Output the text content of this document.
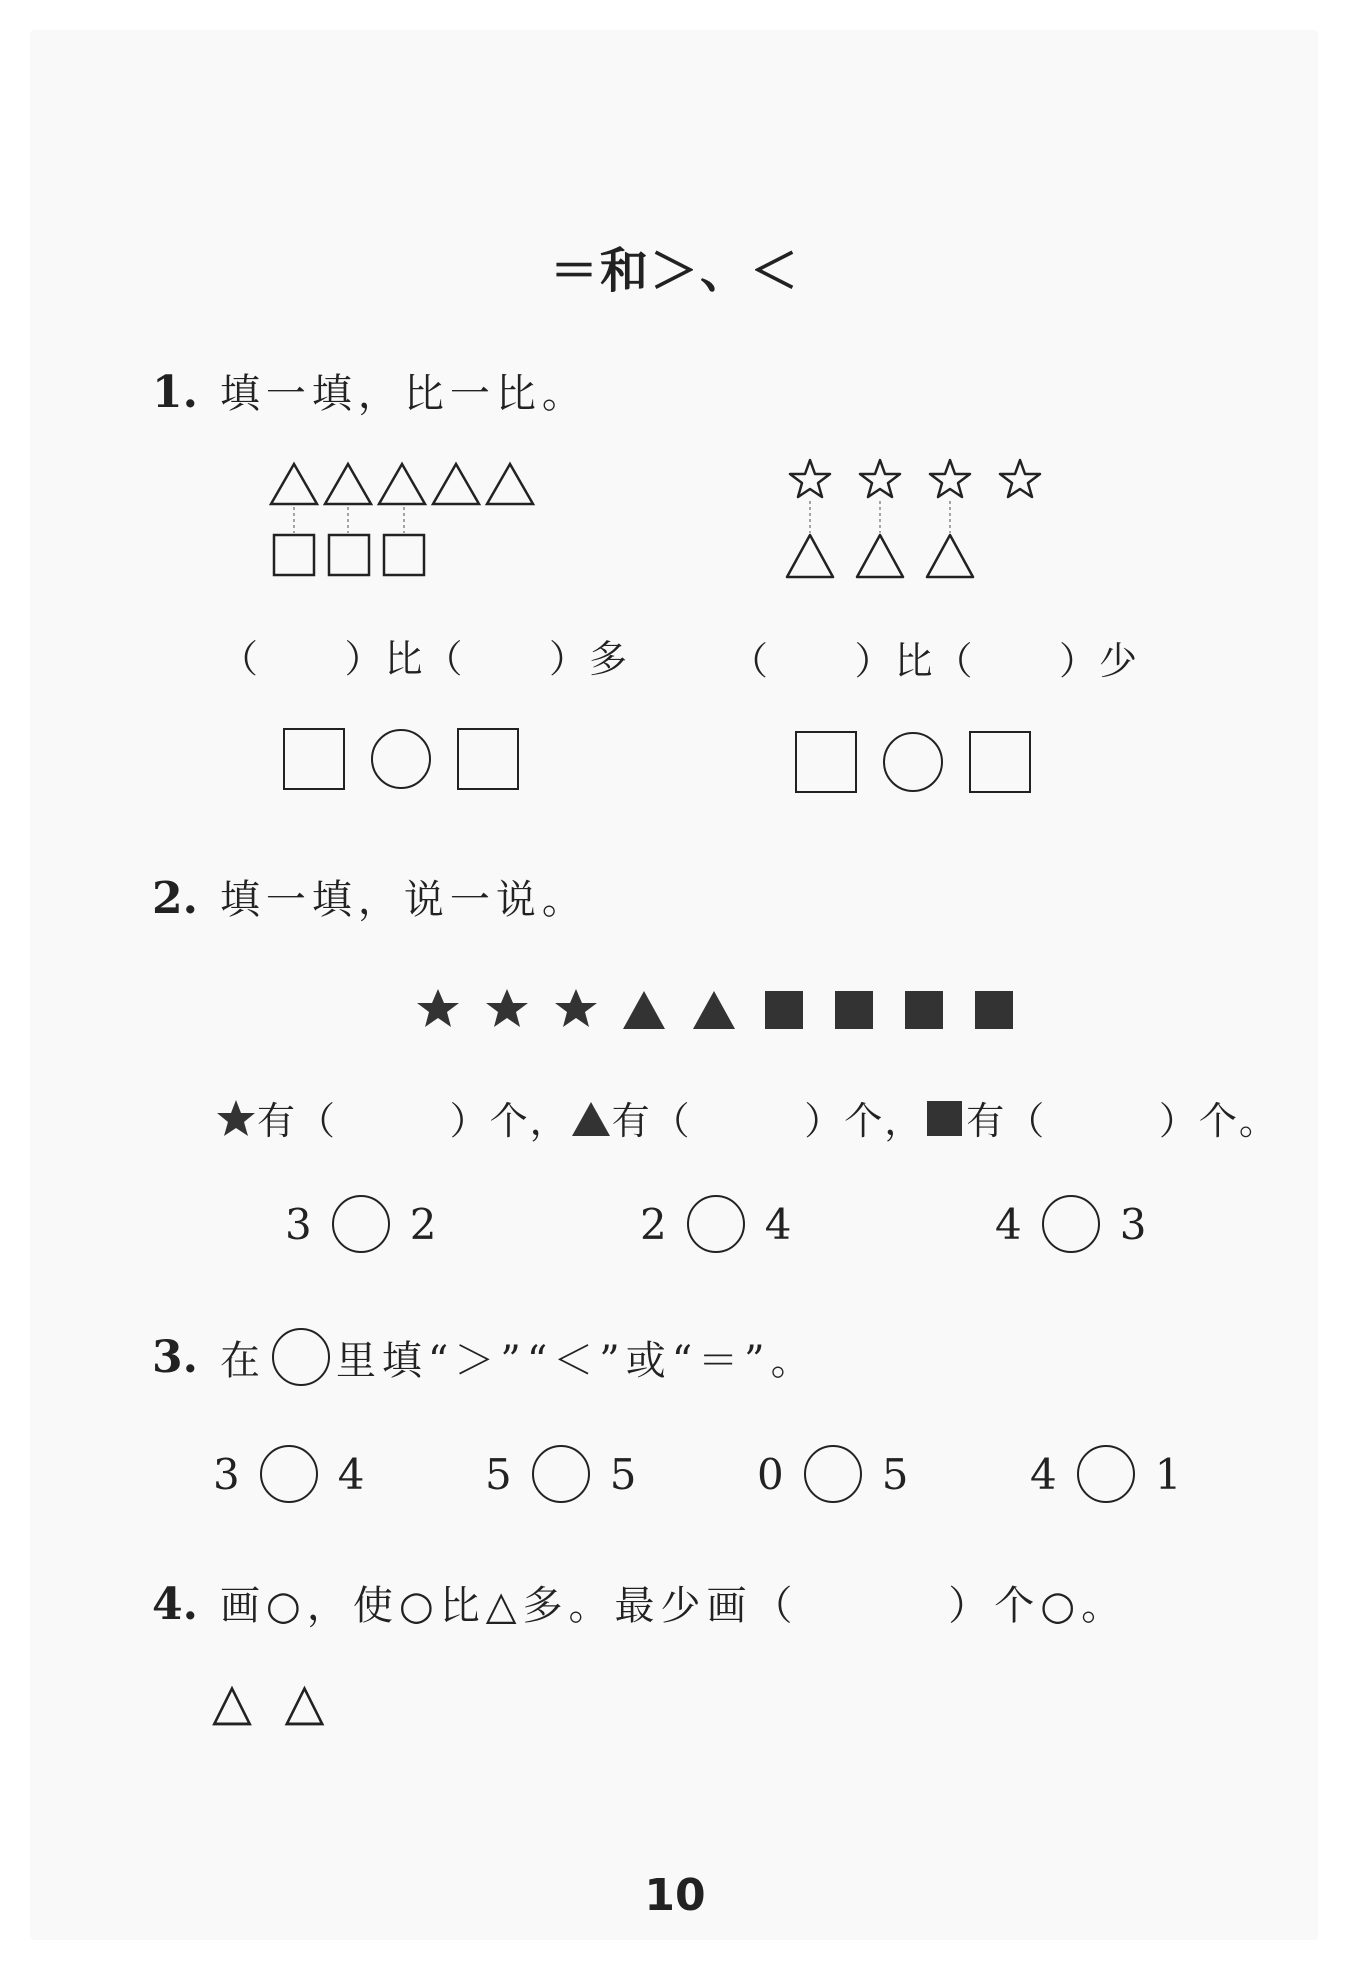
＝和＞、＜
1. 填一填，比一比。
（      ）比（      ）多	（      ）比（      ）少
2. 填一填，说一说。
有（        ）个， 有（        ）个， 有（        ）个。
3 2	2 4	4 3
3. 在 里填“＞”“＜”或“＝”。
3 4	5 5	0 5	4 1
4. 画○，使○比△多。最少画（        ）个○。
△ △
10
